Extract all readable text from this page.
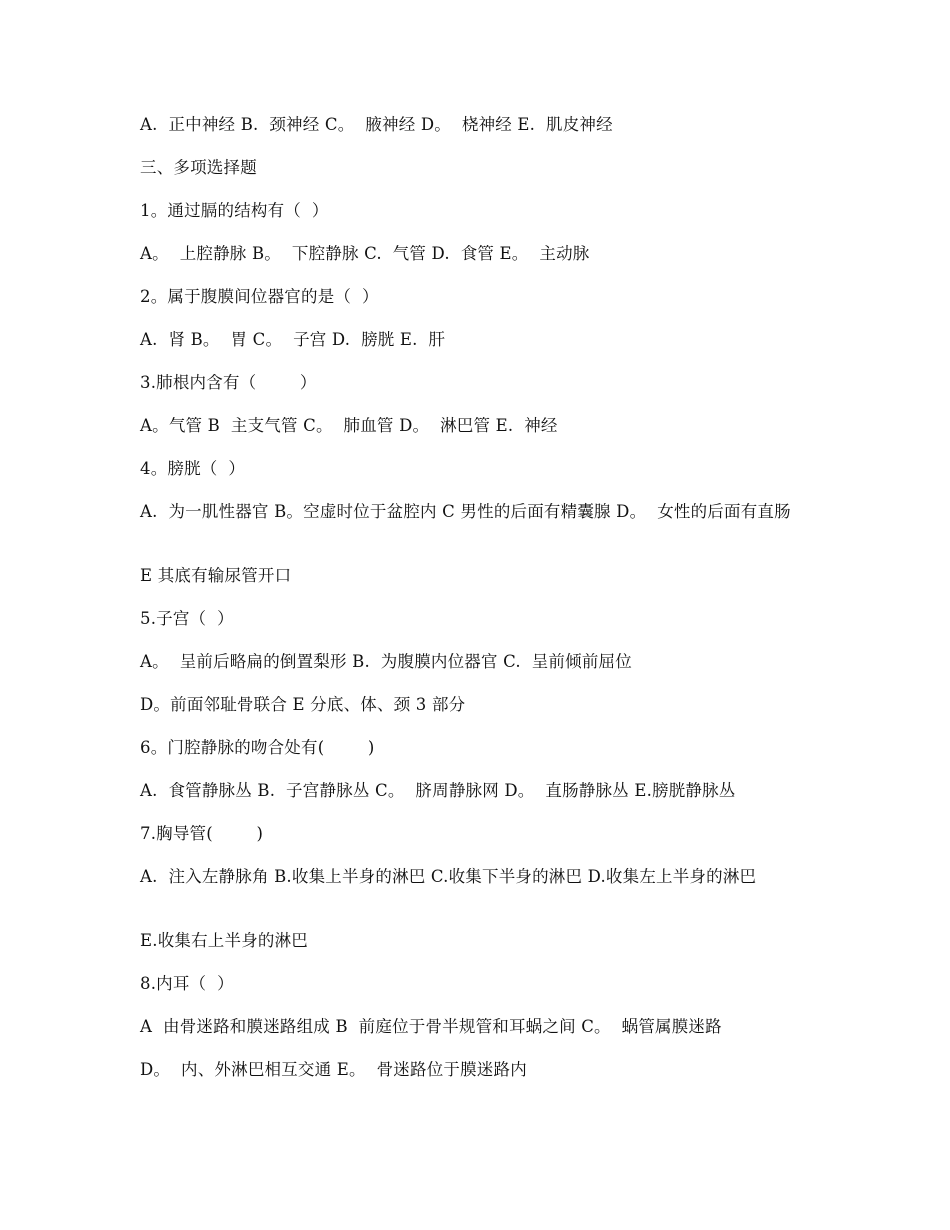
A.  正中神经 B.  颈神经 C。  腋神经 D。  桡神经 E.  肌皮神经
三、多项选择题
1。通过膈的结构有（  ）
A。  上腔静脉 B。  下腔静脉 C.  气管 D.  食管 E。  主动脉
2。属于腹膜间位器官的是（  ）
A.  肾 B。  胃 C。  子宫 D.  膀胱 E.  肝
3.肺根内含有（        ）
A。气管 B  主支气管 C。  肺血管 D。  淋巴管 E.  神经
4。膀胱（  ）
A.  为一肌性器官 B。空虚时位于盆腔内 C 男性的后面有精囊腺 D。  女性的后面有直肠
E 其底有输尿管开口
5.子宫（  ）
A。  呈前后略扁的倒置梨形 B.  为腹膜内位器官 C.  呈前倾前屈位
D。前面邻耻骨联合 E 分底、体、颈 3 部分
6。门腔静脉的吻合处有(        )
A.  食管静脉丛 B.  子宫静脉丛 C。  脐周静脉网 D。  直肠静脉丛 E.膀胱静脉丛
7.胸导管(        )
A.  注入左静脉角 B.收集上半身的淋巴 C.收集下半身的淋巴 D.收集左上半身的淋巴
E.收集右上半身的淋巴
8.内耳（  ）
A  由骨迷路和膜迷路组成 B  前庭位于骨半规管和耳蜗之间 C。  蜗管属膜迷路
D。  内、外淋巴相互交通 E。  骨迷路位于膜迷路内
